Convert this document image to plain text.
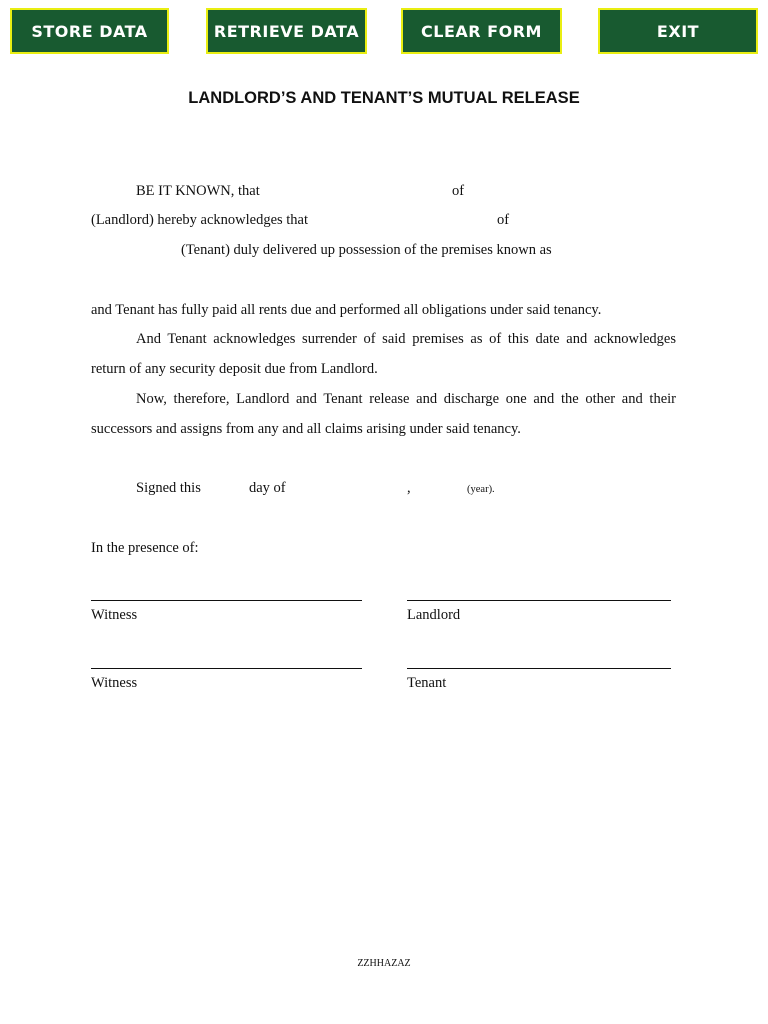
STORE DATA	RETRIEVE DATA	CLEAR FORM	EXIT
LANDLORD’S AND TENANT’S MUTUAL RELEASE
BE IT KNOWN, that	of
(Landlord) hereby acknowledges that	of
(Tenant) duly delivered up possession of the premises known as
and Tenant has fully paid all rents due and performed all obligations under said tenancy.
And Tenant acknowledges surrender of said premises as of this date and acknowledges
return of any security deposit due from Landlord.
Now, therefore, Landlord and Tenant release and discharge one and the other and their
successors and assigns from any and all claims arising under said tenancy.
Signed this	day of	,	(year).
In the presence of:
Witness	Landlord
Witness	Tenant
ZZHHAZAZ
